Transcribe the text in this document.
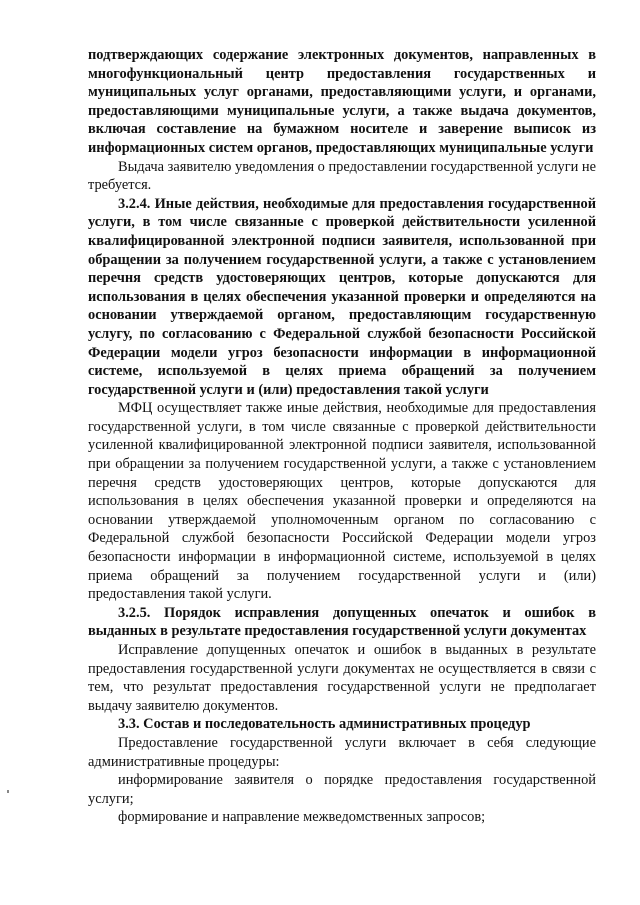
подтверждающих содержание электронных документов, направленных в многофункциональный центр предоставления государственных и муниципальных услуг органами, предоставляющими услуги, и органами, предоставляющими муниципальные услуги, а также выдача документов, включая составление на бумажном носителе и заверение выписок из информационных систем органов, предоставляющих муниципальные услуги

Выдача заявителю уведомления о предоставлении государственной услуги не требуется.

3.2.4. Иные действия, необходимые для предоставления государственной услуги, в том числе связанные с проверкой действительности усиленной квалифицированной электронной подписи заявителя, использованной при обращении за получением государственной услуги, а также с установлением перечня средств удостоверяющих центров, которые допускаются для использования в целях обеспечения указанной проверки и определяются на основании утверждаемой органом, предоставляющим государственную услугу, по согласованию с Федеральной службой безопасности Российской Федерации модели угроз безопасности информации в информационной системе, используемой в целях приема обращений за получением государственной услуги и (или) предоставления такой услуги

МФЦ осуществляет также иные действия, необходимые для предоставления государственной услуги, в том числе связанные с проверкой действительности усиленной квалифицированной электронной подписи заявителя, использованной при обращении за получением государственной услуги, а также с установлением перечня средств удостоверяющих центров, которые допускаются для использования в целях обеспечения указанной проверки и определяются на основании утверждаемой уполномоченным органом по согласованию с Федеральной службой безопасности Российской Федерации модели угроз безопасности информации в информационной системе, используемой в целях приема обращений за получением государственной услуги и (или) предоставления такой услуги.

3.2.5. Порядок исправления допущенных опечаток и ошибок в выданных в результате предоставления государственной услуги документах

Исправление допущенных опечаток и ошибок в выданных в результате предоставления государственной услуги документах не осуществляется в связи с тем, что результат предоставления государственной услуги не предполагает выдачу заявителю документов.

3.3. Состав и последовательность административных процедур

Предоставление государственной услуги включает в себя следующие административные процедуры:

информирование заявителя о порядке предоставления государственной услуги;

формирование и направление межведомственных запросов;
